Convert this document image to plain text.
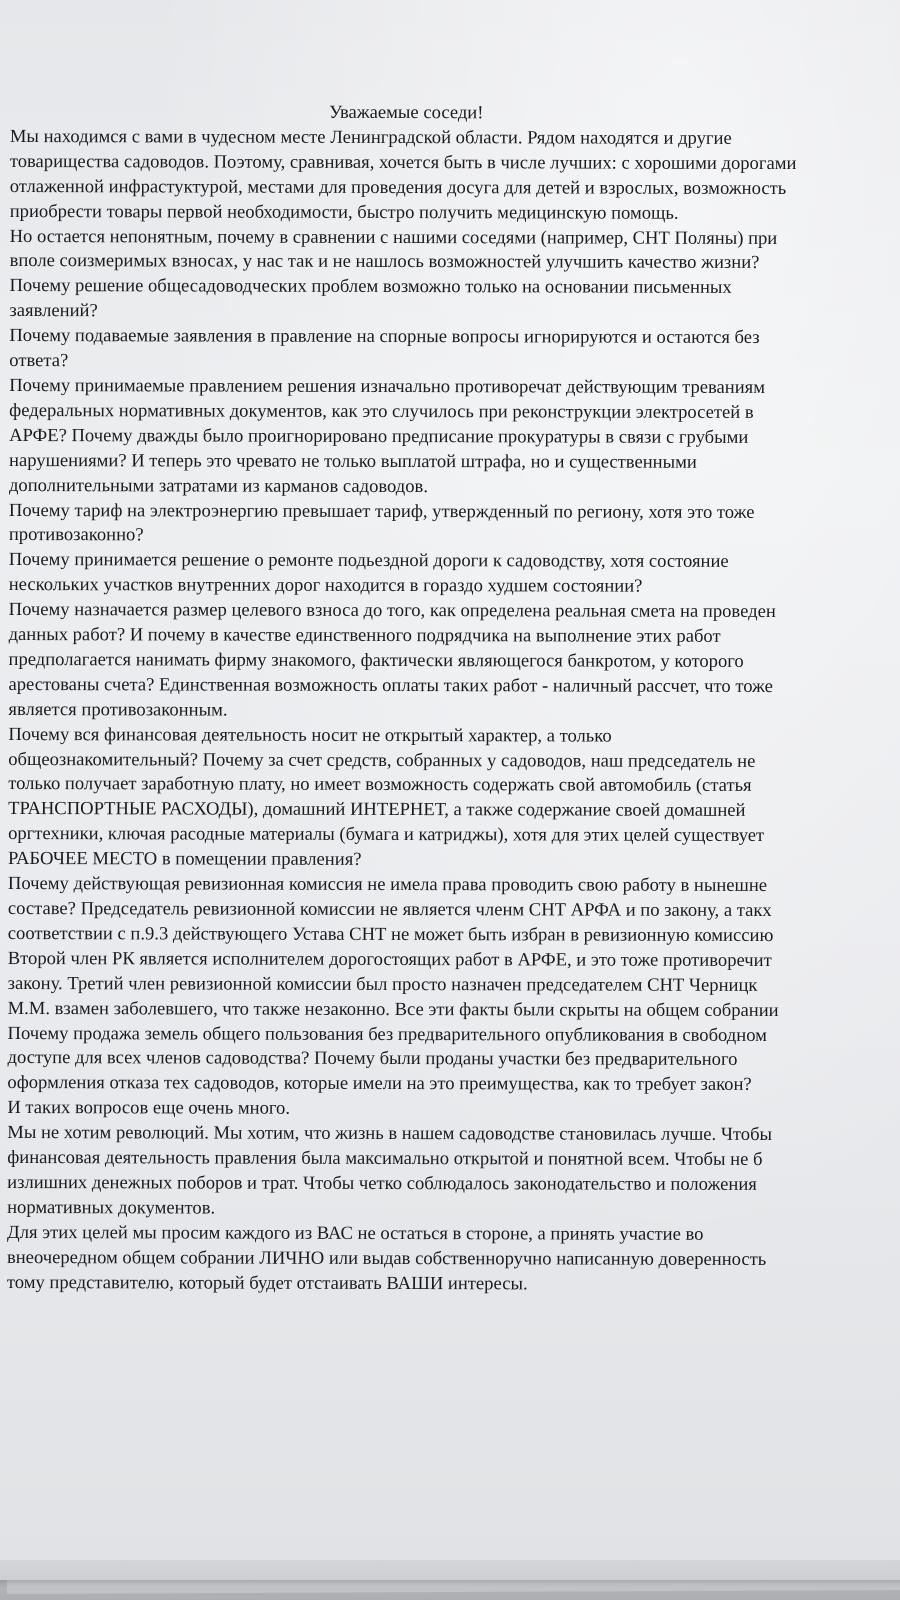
Уважаемые соседи!
Мы находимся с вами в чудесном месте Ленинградской области. Рядом находятся и другие
товарищества садоводов. Поэтому, сравнивая, хочется быть в числе лучших: с хорошими дорогами
отлаженной инфрастуктурой, местами для проведения досуга для детей и взрослых, возможность
приобрести товары первой необходимости, быстро получить медицинскую помощь.
Но остается непонятным, почему в сравнении с нашими соседями (например, СНТ Поляны) при
вполе соизмеримых взносах, у нас так и не нашлось возможностей улучшить качество жизни?
Почему решение общесадоводческих проблем возможно только на основании письменных
заявлений?
Почему подаваемые заявления в правление на спорные вопросы игнорируются и остаются без
ответа?
Почему принимаемые правлением решения изначально противоречат действующим треваниям
федеральных нормативных документов, как это случилось при реконструкции электросетей в
АРФЕ? Почему дважды было проигнорировано предписание прокуратуры в связи с грубыми
нарушениями? И теперь это чревато не только выплатой штрафа, но и существенными
дополнительными затратами из карманов садоводов.
Почему тариф на электроэнергию превышает тариф, утвержденный по региону, хотя это тоже
противозаконно?
Почему принимается решение о ремонте подьездной дороги к садоводству, хотя состояние
нескольких участков внутренних дорог находится в гораздо худшем состоянии?
Почему назначается размер целевого взноса до того, как определена реальная смета на проведен
данных работ? И почему в качестве единственного подрядчика на выполнение этих работ
предполагается нанимать фирму знакомого, фактически являющегося банкротом, у которого
арестованы счета? Единственная возможность оплаты таких работ - наличный рассчет, что тоже
является противозаконным.
Почему вся финансовая деятельность носит не открытый характер, а только
общеознакомительный? Почему за счет средств, собранных у садоводов, наш председатель не
только получает заработную плату, но имеет возможность содержать свой автомобиль (статья
ТРАНСПОРТНЫЕ РАСХОДЫ), домашний ИНТЕРНЕТ, а также содержание своей домашней
оргтехники, ключая расодные материалы (бумага и катриджы), хотя для этих целей существует
РАБОЧЕЕ МЕСТО в помещении правления?
Почему действующая ревизионная комиссия не имела права проводить свою работу в нынешне
составе? Председатель ревизионной комиссии не является членм СНТ АРФА и по закону, а такх
соответствии с п.9.3 действующего Устава СНТ не может быть избран в ревизионную комиссию
Второй член РК является исполнителем дорогостоящих работ в АРФЕ, и это тоже противоречит
закону. Третий член ревизионной комиссии был просто назначен председателем СНТ Черницк
М.М. взамен заболевшего, что также незаконно. Все эти факты были скрыты на общем собрании
Почему продажа земель общего пользования без предварительного опубликования в свободном
доступе для всех членов садоводства? Почему были проданы участки без предварительного
оформления отказа тех садоводов, которые имели на это преимущества, как то требует закон?
И таких вопросов еще очень много.
Мы не хотим революций. Мы хотим, что жизнь в нашем садоводстве становилась лучше. Чтобы
финансовая деятельность правления была максимально открытой и понятной всем. Чтобы не б
излишних денежных поборов и трат. Чтобы четко соблюдалось законодательство и положения
нормативных документов.
Для этих целей мы просим каждого из ВАС не остаться в стороне, а принять участие во
внеочередном общем собрании ЛИЧНО или выдав собственноручно написанную доверенность
тому представителю, который будет отстаивать ВАШИ интересы.
